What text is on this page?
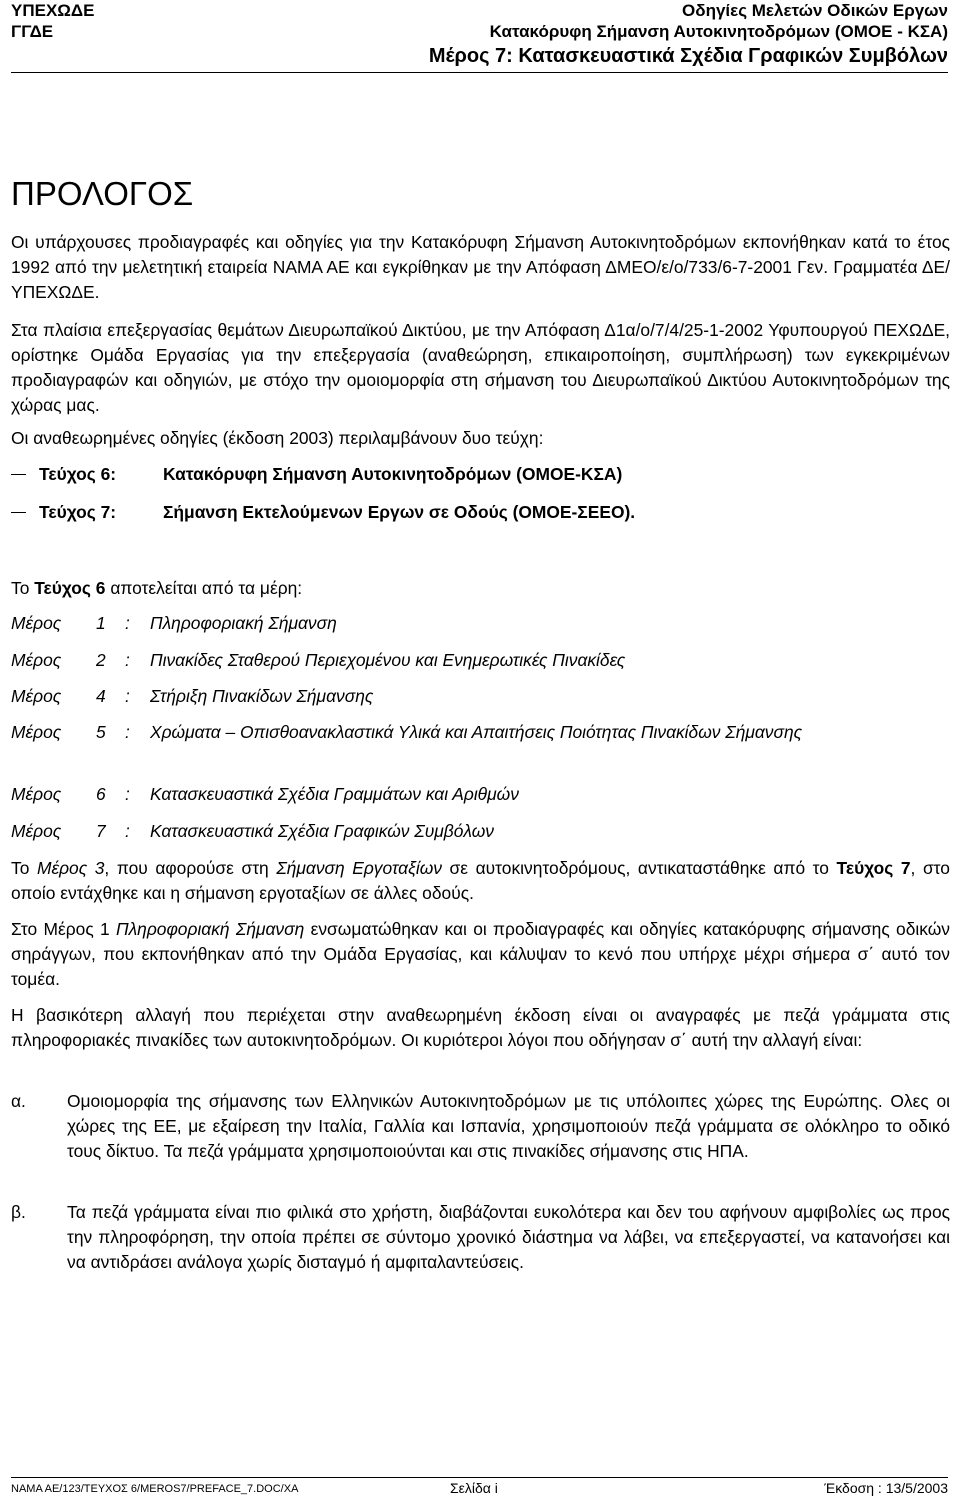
ΥΠΕΧΩΔΕ
ΓΓΔΕ
Οδηγίες Μελετών Οδικών Εργων
Κατακόρυφη Σήμανση Αυτοκινητοδρόμων (ΟΜΟΕ - ΚΣΑ)
Μέρος 7: Κατασκευαστικά Σχέδια Γραφικών Συμβόλων
ΠΡΟΛΟΓΟΣ
Οι υπάρχουσες προδιαγραφές και οδηγίες για την Κατακόρυφη Σήμανση Αυτοκινητοδρόμων εκπονήθηκαν κατά το έτος 1992 από την μελετητική εταιρεία ΝΑΜΑ ΑΕ και εγκρίθηκαν με την Απόφαση ΔΜΕΟ/ε/ο/733/6-7-2001 Γεν. Γραμματέα ΔΕ/ΥΠΕΧΩΔΕ.
Στα πλαίσια επεξεργασίας θεμάτων Διευρωπαϊκού Δικτύου, με την Απόφαση Δ1α/ο/7/4/25-1-2002 Υφυπουργού ΠΕΧΩΔΕ, ορίστηκε Ομάδα Εργασίας για την επεξεργασία (αναθεώρηση, επικαιροποίηση, συμπλήρωση) των εγκεκριμένων προδιαγραφών και οδηγιών, με στόχο την ομοιομορφία στη σήμανση του Διευρωπαϊκού Δικτύου Αυτοκινητοδρόμων της χώρας μας.
Οι αναθεωρημένες οδηγίες (έκδοση 2003) περιλαμβάνουν δυο τεύχη:
Τεύχος 6:	Κατακόρυφη Σήμανση Αυτοκινητοδρόμων (ΟΜΟΕ-ΚΣΑ)
Τεύχος 7:	Σήμανση Εκτελούμενων Εργων σε Οδούς (ΟΜΟΕ-ΣΕΕΟ).
Το Τεύχος 6 αποτελείται από τα μέρη:
Μέρος 1 : Πληροφοριακή Σήμανση
Μέρος 2 : Πινακίδες Σταθερού Περιεχομένου και Ενημερωτικές Πινακίδες
Μέρος 4 : Στήριξη Πινακίδων Σήμανσης
Μέρος 5 : Χρώματα – Οπισθοανακλαστικά Υλικά και Απαιτήσεις Ποιότητας Πινακίδων Σήμανσης
Μέρος 6 : Κατασκευαστικά Σχέδια Γραμμάτων και Αριθμών
Μέρος 7 : Κατασκευαστικά Σχέδια Γραφικών Συμβόλων
Το Μέρος 3, που αφορούσε στη Σήμανση Εργοταξίων σε αυτοκινητοδρόμους, αντικαταστάθηκε από το Τεύχος 7, στο οποίο εντάχθηκε και η σήμανση εργοταξίων σε άλλες οδούς.
Στο Μέρος 1 Πληροφοριακή Σήμανση ενσωματώθηκαν και οι προδιαγραφές και οδηγίες κατακόρυφης σήμανσης οδικών σηράγγων, που εκπονήθηκαν από την Ομάδα Εργασίας, και κάλυψαν το κενό που υπήρχε μέχρι σήμερα σ΄ αυτό τον τομέα.
Η βασικότερη αλλαγή που περιέχεται στην αναθεωρημένη έκδοση είναι οι αναγραφές με πεζά γράμματα στις πληροφοριακές πινακίδες των αυτοκινητοδρόμων. Οι κυριότεροι λόγοι που οδήγησαν σ΄ αυτή την αλλαγή είναι:
α. Ομοιομορφία της σήμανσης των Ελληνικών Αυτοκινητοδρόμων με τις υπόλοιπες χώρες της Ευρώπης. Ολες οι χώρες της ΕΕ, με εξαίρεση την Ιταλία, Γαλλία και Ισπανία, χρησιμοποιούν πεζά γράμματα σε ολόκληρο το οδικό τους δίκτυο. Τα πεζά γράμματα χρησιμοποιούνται και στις πινακίδες σήμανσης στις ΗΠΑ.
β. Τα πεζά γράμματα είναι πιο φιλικά στο χρήστη, διαβάζονται ευκολότερα και δεν του αφήνουν αμφιβολίες ως προς την πληροφόρηση, την οποία πρέπει σε σύντομο χρονικό διάστημα να λάβει, να επεξεργαστεί, να κατανοήσει και να αντιδράσει ανάλογα χωρίς δισταγμό ή αμφιταλαντεύσεις.
ΝΑΜΑ ΑΕ/123/ΤΕΥΧΟΣ 6/MEROS7/PREFACE_7.DOC/ΧΑ	Σελίδα i	Έκδοση : 13/5/2003
